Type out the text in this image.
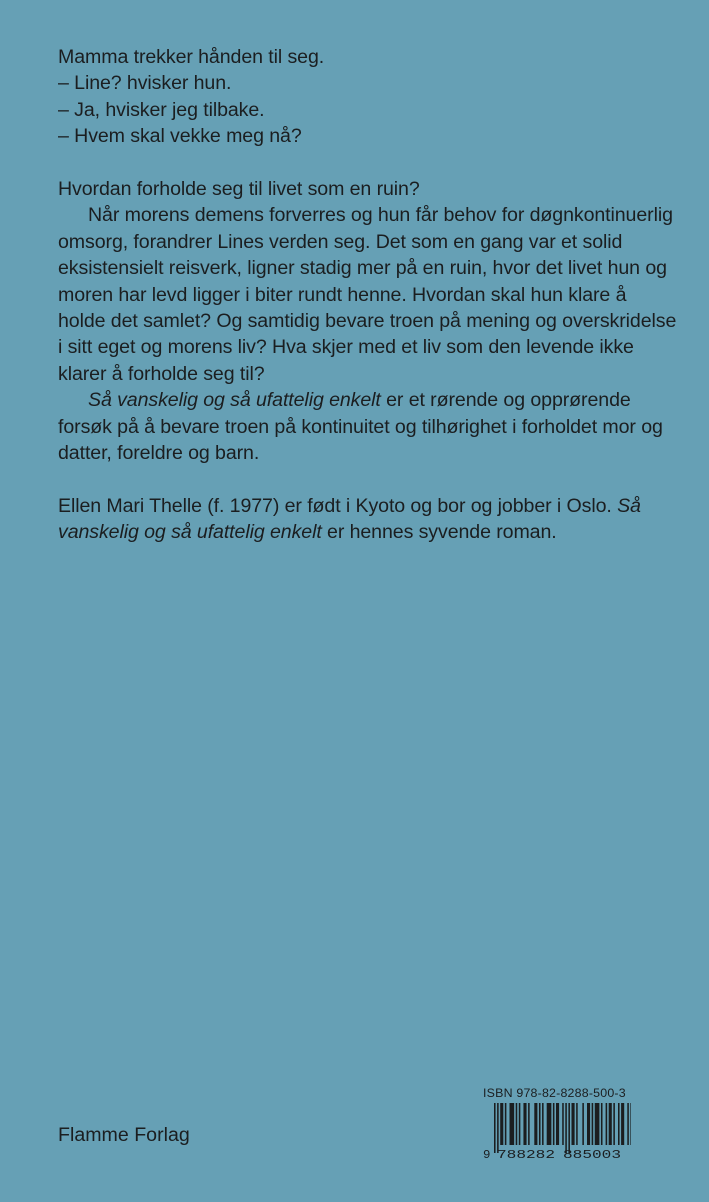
Mamma trekker hånden til seg.

– Line? hvisker hun.

– Ja, hvisker jeg tilbake.

– Hvem skal vekke meg nå?

Hvordan forholde seg til livet som en ruin?

Når morens demens forverres og hun får behov for døgnkontinuerlig omsorg, forandrer Lines verden seg. Det som en gang var et solid eksistensielt reisverk, ligner stadig mer på en ruin, hvor det livet hun og moren har levd ligger i biter rundt henne. Hvordan skal hun klare å holde det samlet? Og samtidig bevare troen på mening og overskridelse i sitt eget og morens liv? Hva skjer med et liv som den levende ikke klarer å forholde seg til?

Så vanskelig og så ufattelig enkelt er et rørende og opprørende forsøk på å bevare troen på kontinuitet og tilhørighet i forholdet mor og datter, foreldre og barn.

Ellen Mari Thelle (f. 1977) er født i Kyoto og bor og jobber i Oslo. Så vanskelig og så ufattelig enkelt er hennes syvende roman.

Flamme Forlag
ISBN 978-82-8288-500-3
9 788282 885003
